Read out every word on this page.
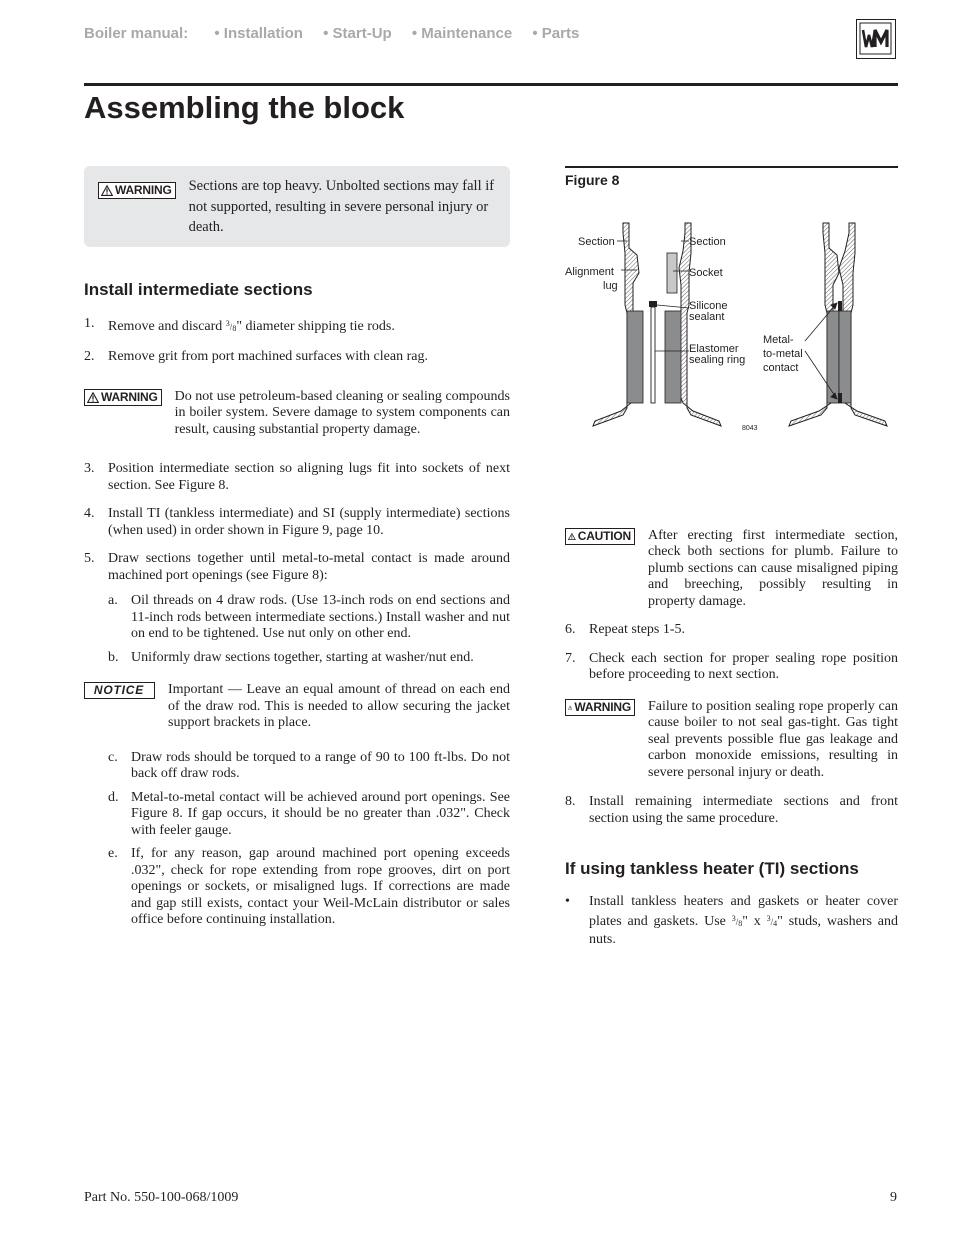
Boiler manual: • Installation • Start-Up • Maintenance • Parts
Assembling the block
WARNING Sections are top heavy. Unbolted sections may fall if not supported, resulting in severe personal injury or death.
Install intermediate sections
1. Remove and discard $^3/_8$" diameter shipping tie rods.
2. Remove grit from port machined surfaces with clean rag.
WARNING Do not use petroleum-based cleaning or sealing compounds in boiler system. Severe damage to system components can result, causing substantial property damage.
3. Position intermediate section so aligning lugs fit into sockets of next section. See Figure 8.
4. Install TI (tankless intermediate) and SI (supply intermediate) sections (when used) in order shown in Figure 9, page 10.
5. Draw sections together until metal-to-metal contact is made around machined port openings (see Figure 8):
a. Oil threads on 4 draw rods. (Use 13-inch rods on end sections and 11-inch rods between intermediate sections.) Install washer and nut on end to be tightened. Use nut only on other end.
b. Uniformly draw sections together, starting at washer/nut end.
NOTICE Important — Leave an equal amount of thread on each end of the draw rod. This is needed to allow securing the jacket support brackets in place.
c. Draw rods should be torqued to a range of 90 to 100 ft-lbs. Do not back off draw rods.
d. Metal-to-metal contact will be achieved around port openings. See Figure 8. If gap occurs, it should be no greater than .032". Check with feeler gauge.
e. If, for any reason, gap around machined port opening exceeds .032", check for rope extending from rope grooves, dirt on port openings or sockets, or misaligned lugs. If corrections are made and gap still exists, contact your Weil-McLain distributor or sales office before continuing installation.
Figure 8
Section
Alignment
lug
Section
Socket
Silicone
sealant
Elastomer
sealing ring
Metal-
to-metal
contact
8043
CAUTION After erecting first intermediate section, check both sections for plumb. Failure to plumb sections can cause misaligned piping and breeching, possibly resulting in property damage.
6. Repeat steps 1-5.
7. Check each section for proper sealing rope position before proceeding to next section.
WARNING Failure to position sealing rope properly can cause boiler to not seal gas-tight. Gas tight seal prevents possible flue gas leakage and carbon monoxide emissions, resulting in severe personal injury or death.
8. Install remaining intermediate sections and front section using the same procedure.
If using tankless heater (TI) sections
•	Install tankless heaters and gaskets or heater cover plates and gaskets. Use $^3/_8$" x $^3/_4$" studs, washers and nuts.
Part No. 550-100-068/1009	9
